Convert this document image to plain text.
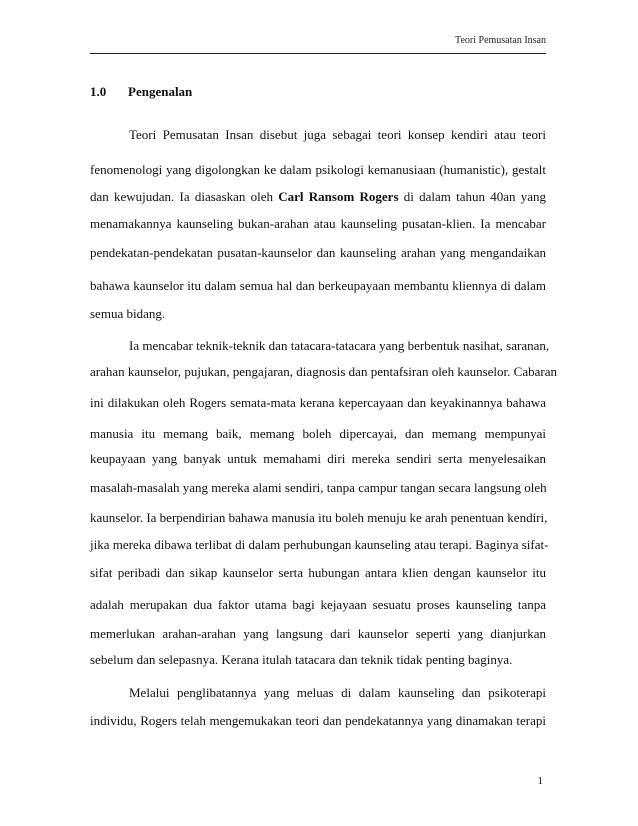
Teori Pemusatan Insan
1.0 Pengenalan
Teori Pemusatan Insan disebut juga sebagai teori konsep kendiri atau teori
fenomenologi yang digolongkan ke dalam psikologi kemanusiaan (humanistic), gestalt
dan kewujudan. Ia diasaskan oleh Carl Ransom Rogers di dalam tahun 40an yang
menamakannya kaunseling bukan-arahan atau kaunseling pusatan-klien. Ia mencabar
pendekatan-pendekatan pusatan-kaunselor dan kaunseling arahan yang mengandaikan
bahawa kaunselor itu dalam semua hal dan berkeupayaan membantu kliennya di dalam
semua bidang.
Ia mencabar teknik-teknik dan tatacara-tatacara yang berbentuk nasihat, saranan,
arahan kaunselor, pujukan, pengajaran, diagnosis dan pentafsiran oleh kaunselor. Cabaran
ini dilakukan oleh Rogers semata-mata kerana kepercayaan dan keyakinannya bahawa
manusia itu memang baik, memang boleh dipercayai, dan memang mempunyai
keupayaan yang banyak untuk memahami diri mereka sendiri serta menyelesaikan
masalah-masalah yang mereka alami sendiri, tanpa campur tangan secara langsung oleh
kaunselor. Ia berpendirian bahawa manusia itu boleh menuju ke arah penentuan kendiri,
jika mereka dibawa terlibat di dalam perhubungan kaunseling atau terapi. Baginya sifat-
sifat peribadi dan sikap kaunselor serta hubungan antara klien dengan kaunselor itu
adalah merupakan dua faktor utama bagi kejayaan sesuatu proses kaunseling tanpa
memerlukan arahan-arahan yang langsung dari kaunselor seperti yang dianjurkan
sebelum dan selepasnya. Kerana itulah tatacara dan teknik tidak penting baginya.
Melalui penglibatannya yang meluas di dalam kaunseling dan psikoterapi
individu, Rogers telah mengemukakan teori dan pendekatannya yang dinamakan terapi
1
